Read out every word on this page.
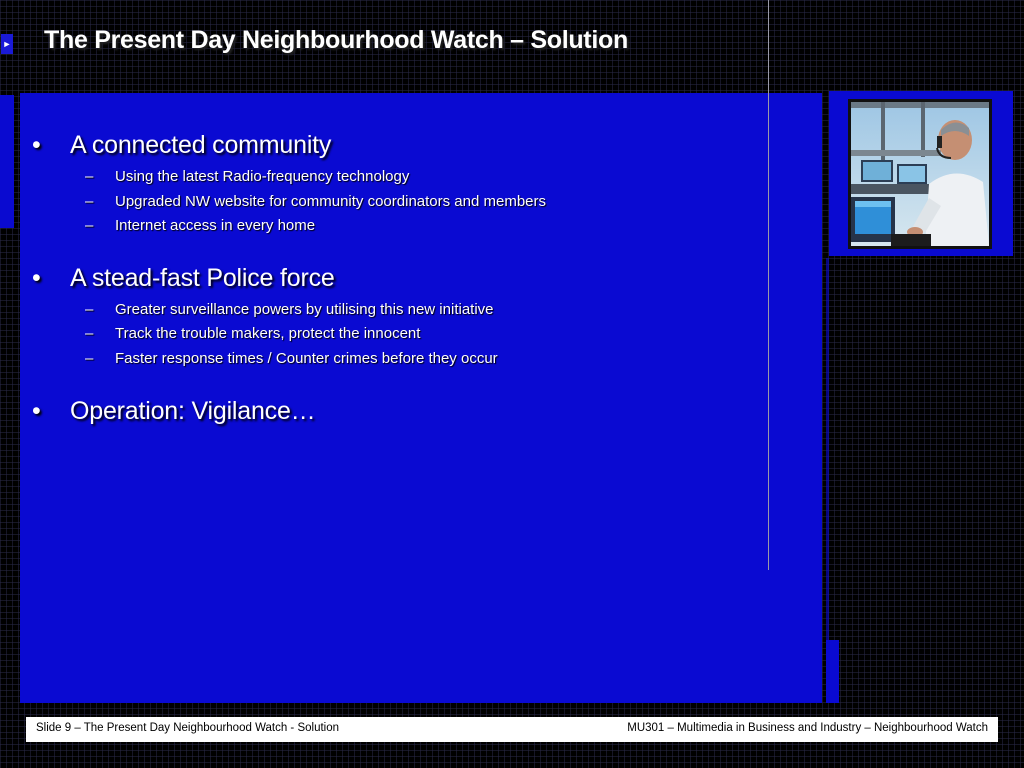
► The Present Day Neighbourhood Watch – Solution
• A connected community
– Using the latest Radio-frequency technology
– Upgraded NW website for community coordinators and members
– Internet access in every home
• A stead-fast Police force
– Greater surveillance powers by utilising this new initiative
– Track the trouble makers, protect the innocent
– Faster response times / Counter crimes before they occur
• Operation: Vigilance…
Slide 9 – The Present Day Neighbourhood Watch - Solution	MU301 – Multimedia in Business and Industry – Neighbourhood Watch
